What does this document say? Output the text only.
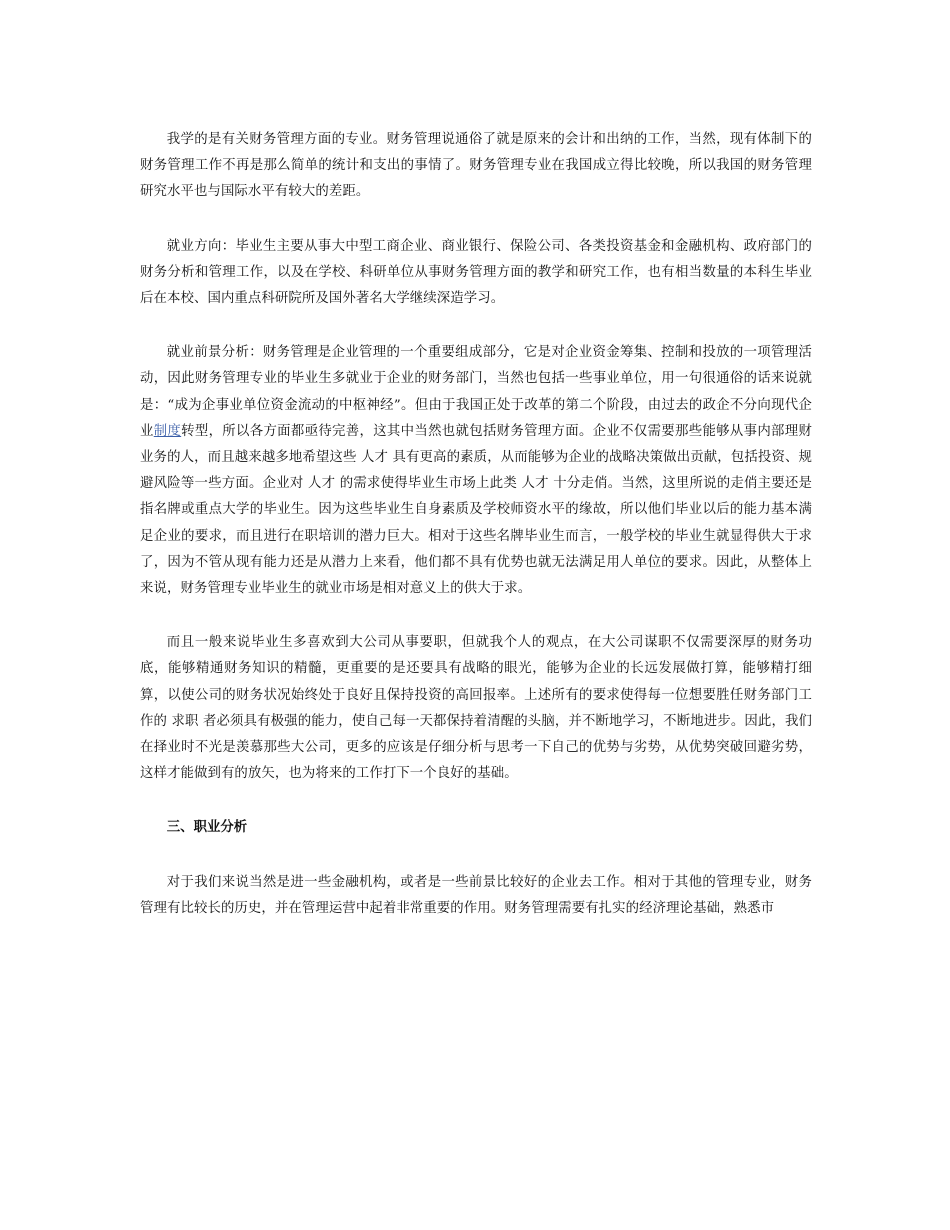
我学的是有关财务管理方面的专业。财务管理说通俗了就是原来的会计和出纳的工作，当然，现有体制下的财务管理工作不再是那么简单的统计和支出的事情了。财务管理专业在我国成立得比较晚，所以我国的财务管理研究水平也与国际水平有较大的差距。

就业方向：毕业生主要从事大中型工商企业、商业银行、保险公司、各类投资基金和金融机构、政府部门的财务分析和管理工作，以及在学校、科研单位从事财务管理方面的教学和研究工作，也有相当数量的本科生毕业后在本校、国内重点科研院所及国外著名大学继续深造学习。

就业前景分析：财务管理是企业管理的一个重要组成部分，它是对企业资金筹集、控制和投放的一项管理活动，因此财务管理专业的毕业生多就业于企业的财务部门，当然也包括一些事业单位，用一句很通俗的话来说就是：“成为企事业单位资金流动的中枢神经”。但由于我国正处于改革的第二个阶段，由过去的政企不分向现代企业制度转型，所以各方面都亟待完善，这其中当然也就包括财务管理方面。企业不仅需要那些能够从事内部理财业务的人，而且越来越多地希望这些 人才 具有更高的素质，从而能够为企业的战略决策做出贡献，包括投资、规避风险等一些方面。企业对 人才 的需求使得毕业生市场上此类 人才 十分走俏。当然，这里所说的走俏主要还是指名牌或重点大学的毕业生。因为这些毕业生自身素质及学校师资水平的缘故，所以他们毕业以后的能力基本满足企业的要求，而且进行在职培训的潜力巨大。相对于这些名牌毕业生而言，一般学校的毕业生就显得供大于求了，因为不管从现有能力还是从潜力上来看，他们都不具有优势也就无法满足用人单位的要求。因此，从整体上来说，财务管理专业毕业生的就业市场是相对意义上的供大于求。

而且一般来说毕业生多喜欢到大公司从事要职，但就我个人的观点，在大公司谋职不仅需要深厚的财务功底，能够精通财务知识的精髓，更重要的是还要具有战略的眼光，能够为企业的长远发展做打算，能够精打细算，以使公司的财务状况始终处于良好且保持投资的高回报率。上述所有的要求使得每一位想要胜任财务部门工作的 求职 者必须具有极强的能力，使自己每一天都保持着清醒的头脑，并不断地学习，不断地进步。因此，我们在择业时不光是羡慕那些大公司，更多的应该是仔细分析与思考一下自己的优势与劣势，从优势突破回避劣势，这样才能做到有的放矢，也为将来的工作打下一个良好的基础。

三、职业分析

对于我们来说当然是进一些金融机构，或者是一些前景比较好的企业去工作。相对于其他的管理专业，财务管理有比较长的历史，并在管理运营中起着非常重要的作用。财务管理需要有扎实的经济理论基础，熟悉市
